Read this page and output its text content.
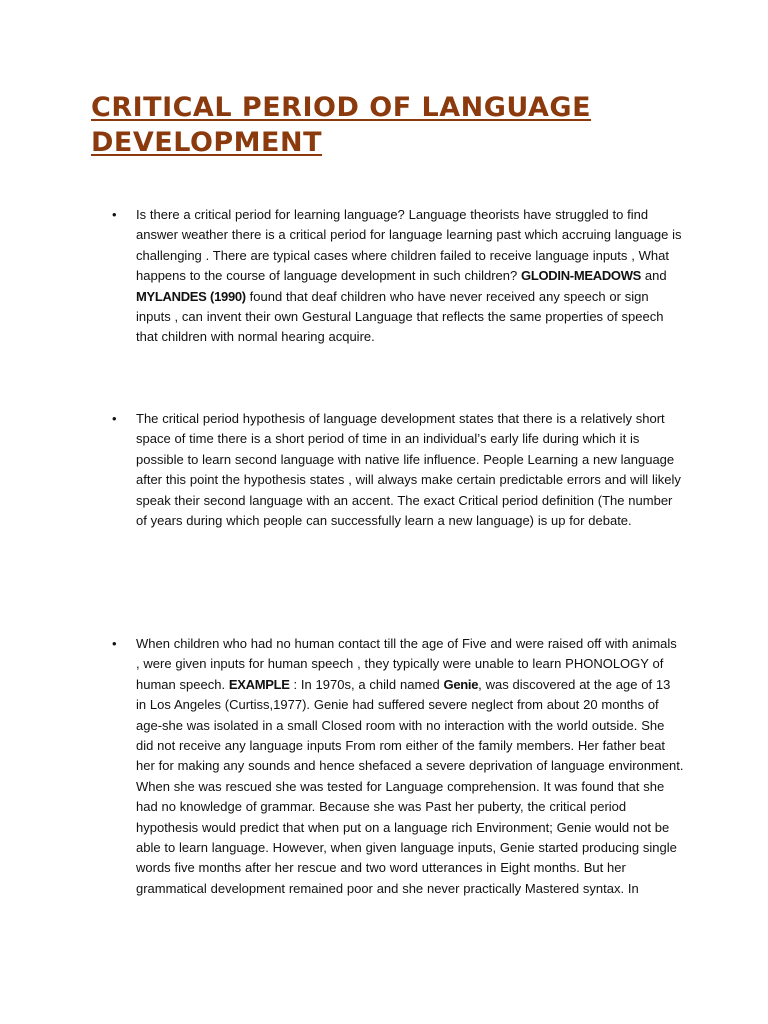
CRITICAL PERIOD OF LANGUAGE DEVELOPMENT
• Is there a critical period for learning language? Language theorists have struggled to find answer weather there is a critical period for language learning past which accruing language is challenging . There are typical cases where children failed to receive language inputs , What happens to the course of language development in such children? GLODIN-MEADOWS and MYLANDES (1990) found that deaf children who have never received any speech or sign inputs , can invent their own Gestural Language that reflects the same properties of speech that children with normal hearing acquire.
• The critical period hypothesis of language development states that there is a relatively short space of time there is a short period of time in an individual’s early life during which it is possible to learn second language with native life influence. People Learning a new language after this point the hypothesis states , will always make certain predictable errors and will likely speak their second language with an accent. The exact Critical period definition (The number of years during which people can successfully learn a new language) is up for debate.
• When children who had no human contact till the age of Five and were raised off with animals , were given inputs for human speech , they typically were unable to learn PHONOLOGY of human speech. EXAMPLE : In 1970s, a child named Genie, was discovered at the age of 13 in Los Angeles (Curtiss,1977). Genie had suffered severe neglect from about 20 months of age-she was isolated in a small Closed room with no interaction with the world outside. She did not receive any language inputs From rom either of the family members. Her father beat her for making any sounds and hence shefaced a severe deprivation of language environment. When she was rescued she was tested for Language comprehension. It was found that she had no knowledge of grammar. Because she was Past her puberty, the critical period hypothesis would predict that when put on a language rich Environment; Genie would not be able to learn language. However, when given language inputs, Genie started producing single words five months after her rescue and two word utterances in Eight months. But her grammatical development remained poor and she never practically Mastered syntax. In
